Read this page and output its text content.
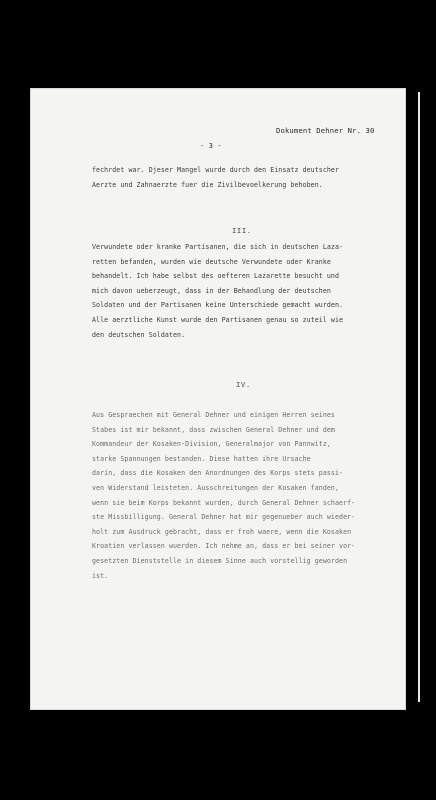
Dokument Dehner Nr. 30
- 3 -
fechrdet war. Djeser Mangel wurde durch den Einsatz deutscher
Aerzte und Zahnaerzte fuer die Zivilbevoelkerung behoben.
III.
Verwundete oder kranke Partisanen, die sich in deutschen Laza-
retten befanden, wurden wie deutsche Verwundete oder Kranke
behandelt. Ich habe selbst des oefteren Lazarette besucht und
mich davon ueberzeugt, dass in der Behandlung der deutschen
Soldaten und der Partisanen keine Unterschiede gemacht wurden.
Alle aerztliche Kunst wurde den Partisanen genau so zuteil wie
den deutschen Soldaten.
IV.
Aus Gespraechen mit General Dehner und einigen Herren seines
Stabes ist mir bekannt, dass zwischen General Dehner und dem
Kommandeur der Kosaken-Division, Generalmajor von Pannwitz,
starke Spannungen bestanden. Diese hatten ihre Ursache
darin, dass die Kosaken den Anordnungen des Korps stets passi-
ven Widerstand leisteten. Ausschreitungen der Kosaken fanden,
wenn sie beim Korps bekannt wurden, durch General Dehner schaerf-
ste Missbilligung. General Dehner hat mir gegenueber auch wieder-
holt zum Ausdruck gebracht, dass er froh waere, wenn die Kosaken
Kroatien verlassen wuerden. Ich nehme an, dass er bei seiner vor-
gesetzten Dienststelle in diesem Sinne auch vorstellig geworden
ist.
